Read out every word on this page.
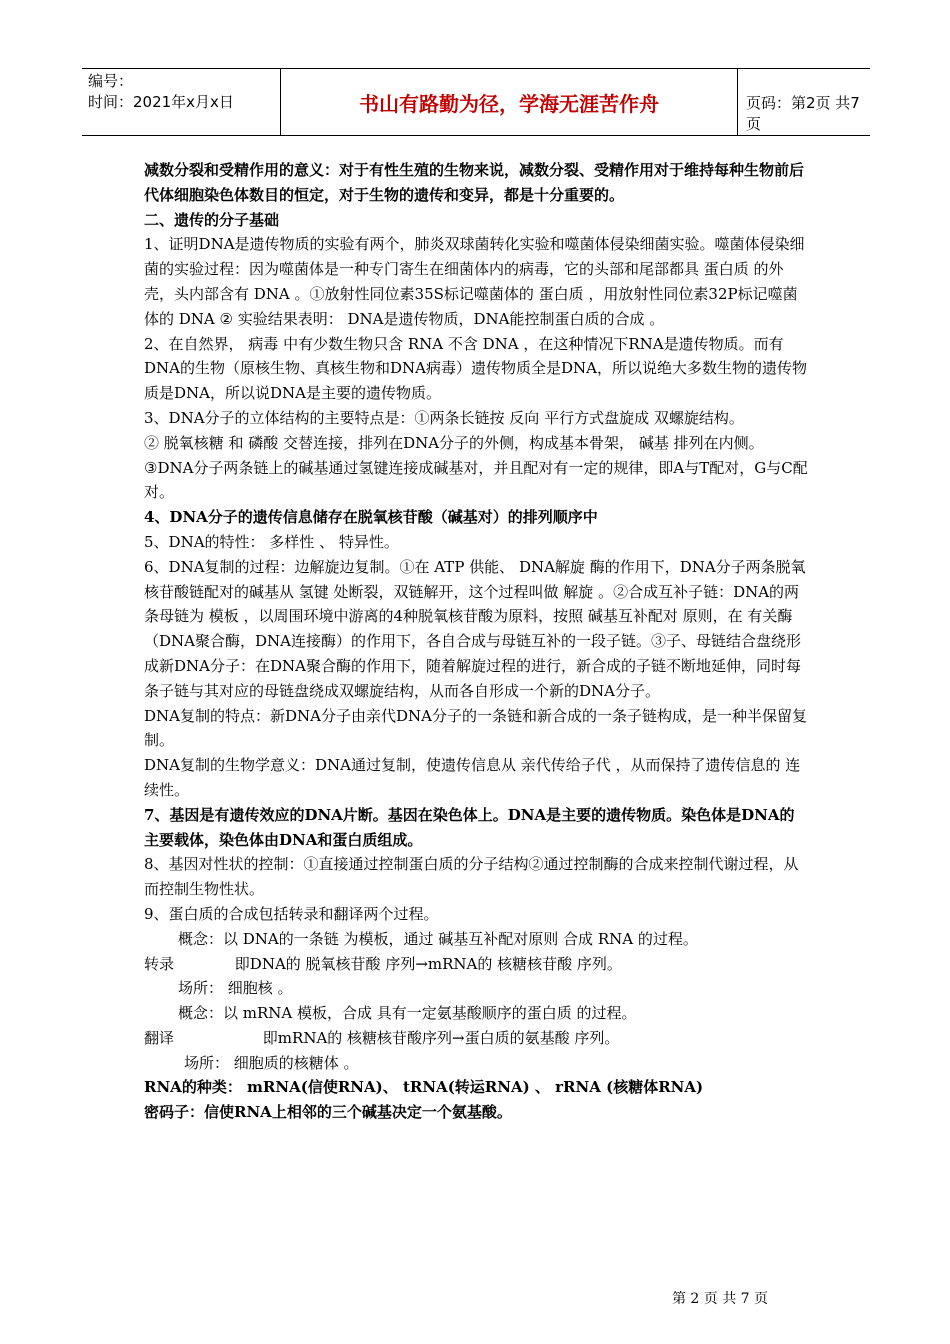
编号：
时间：2021年x月x日	书山有路勤为径，学海无涯苦作舟	页码：第2页 共7页

减数分裂和受精作用的意义：对于有性生殖的生物来说，减数分裂、受精作用对于维持每种生物前后代体细胞染色体数目的恒定，对于生物的遗传和变异，都是十分重要的。

二、遗传的分子基础

1、证明DNA是遗传物质的实验有两个，肺炎双球菌转化实验和噬菌体侵染细菌实验。噬菌体侵染细菌的实验过程：因为噬菌体是一种专门寄生在细菌体内的病毒，它的头部和尾部都具 蛋白质 的外壳，头内部含有 DNA 。①放射性同位素35S标记噬菌体的 蛋白质 ，用放射性同位素32P标记噬菌体的 DNA ② 实验结果表明： DNA是遗传物质，DNA能控制蛋白质的合成 。

2、在自然界， 病毒 中有少数生物只含 RNA 不含 DNA ，在这种情况下RNA是遗传物质。而有DNA的生物（原核生物、真核生物和DNA病毒）遗传物质全是DNA，所以说绝大多数生物的遗传物质是DNA，所以说DNA是主要的遗传物质。

3、DNA分子的立体结构的主要特点是：①两条长链按 反向 平行方式盘旋成 双螺旋结构。

② 脱氧核糖 和 磷酸 交替连接，排列在DNA分子的外侧，构成基本骨架， 碱基 排列在内侧。

③DNA分子两条链上的碱基通过氢键连接成碱基对，并且配对有一定的规律，即A与T配对，G与C配对。

4、DNA分子的遗传信息储存在脱氧核苷酸（碱基对）的排列顺序中

5、DNA的特性： 多样性 、 特异性。

6、DNA复制的过程：边解旋边复制。①在 ATP 供能、 DNA解旋 酶的作用下，DNA分子两条脱氧核苷酸链配对的碱基从 氢键 处断裂，双链解开，这个过程叫做 解旋 。②合成互补子链：DNA的两条母链为 模板 ，以周围环境中游离的4种脱氧核苷酸为原料，按照 碱基互补配对 原则，在 有关酶（DNA聚合酶，DNA连接酶）的作用下，各自合成与母链互补的一段子链。③子、母链结合盘绕形成新DNA分子：在DNA聚合酶的作用下，随着解旋过程的进行，新合成的子链不断地延伸，同时每条子链与其对应的母链盘绕成双螺旋结构，从而各自形成一个新的DNA分子。

DNA复制的特点：新DNA分子由亲代DNA分子的一条链和新合成的一条子链构成，是一种半保留复制。

DNA复制的生物学意义：DNA通过复制，使遗传信息从 亲代传给子代 ，从而保持了遗传信息的 连续性。

7、基因是有遗传效应的DNA片断。基因在染色体上。DNA是主要的遗传物质。染色体是DNA的主要载体，染色体由DNA和蛋白质组成。

8、基因对性状的控制：①直接通过控制蛋白质的分子结构②通过控制酶的合成来控制代谢过程，从而控制生物性状。

9、蛋白质的合成包括转录和翻译两个过程。

概念：以 DNA的一条链 为模板，通过 碱基互补配对原则 合成 RNA 的过程。
转录	即DNA的 脱氧核苷酸 序列→mRNA的 核糖核苷酸 序列。
场所： 细胞核 。
概念：以 mRNA 模板，合成 具有一定氨基酸顺序的蛋白质 的过程。
翻译	即mRNA的 核糖核苷酸序列→蛋白质的氨基酸 序列。
场所： 细胞质的核糖体 。

RNA的种类： mRNA(信使RNA)、 tRNA(转运RNA) 、 rRNA (核糖体RNA)

密码子：信使RNA上相邻的三个碱基决定一个氨基酸。

第 2 页 共 7 页
